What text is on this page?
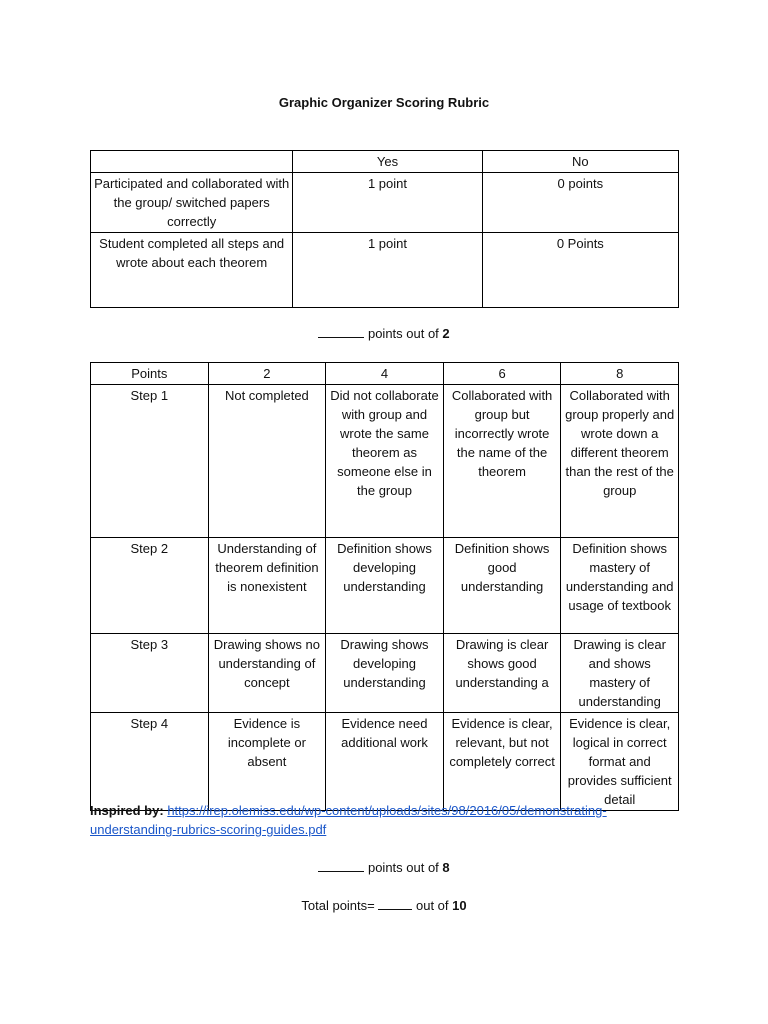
Graphic Organizer Scoring Rubric
	Yes	No
Participated and collaborated with the group/ switched papers correctly	1 point	0 points
Student completed all steps and wrote about each theorem	1 point	0 Points
points out of 2
Points	2	4	6	8
Step 1	Not completed	Did not collaborate with group and wrote the same theorem as someone else in the group	Collaborated with group but incorrectly wrote the name of the theorem	Collaborated with group properly and wrote down a different theorem than the rest of the group
Step 2	Understanding of theorem definition is nonexistent	Definition shows developing understanding	Definition shows good understanding	Definition shows mastery of understanding and usage of textbook
Step 3	Drawing shows no understanding of concept	Drawing shows developing understanding	Drawing is clear shows good understanding a	Drawing is clear and shows mastery of understanding
Step 4	Evidence is incomplete or absent	Evidence need additional work	Evidence is clear, relevant, but not completely correct	Evidence is clear, logical in correct format and provides sufficient detail
Inspired by: https://irep.olemiss.edu/wp-content/uploads/sites/98/2016/05/demonstrating-understanding-rubrics-scoring-guides.pdf
points out of 8
Total points=	out of 10
